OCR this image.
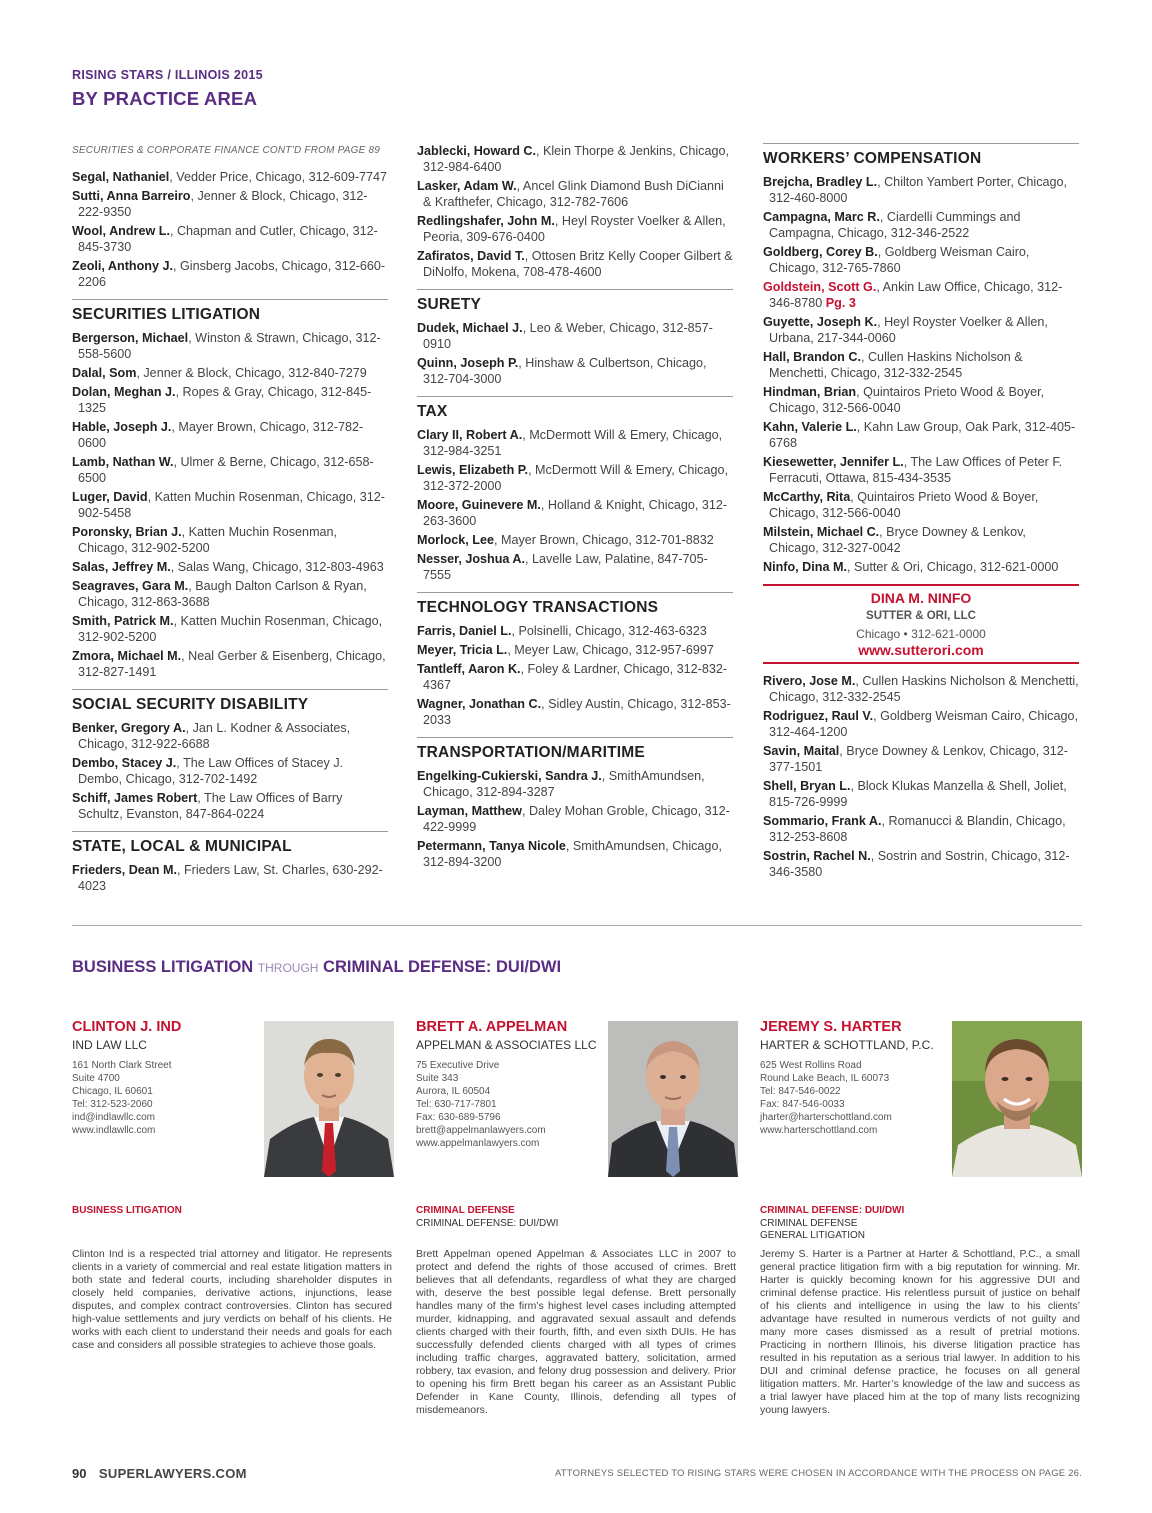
RISING STARS / ILLINOIS 2015
BY PRACTICE AREA
SECURITIES & CORPORATE FINANCE CONT’D FROM PAGE 89
Segal, Nathaniel, Vedder Price, Chicago, 312-609-7747
Sutti, Anna Barreiro, Jenner & Block, Chicago, 312-222-9350
Wool, Andrew L., Chapman and Cutler, Chicago, 312-845-3730
Zeoli, Anthony J., Ginsberg Jacobs, Chicago, 312-660-2206
SECURITIES LITIGATION
Bergerson, Michael, Winston & Strawn, Chicago, 312-558-5600
Dalal, Som, Jenner & Block, Chicago, 312-840-7279
Dolan, Meghan J., Ropes & Gray, Chicago, 312-845-1325
Hable, Joseph J., Mayer Brown, Chicago, 312-782-0600
Lamb, Nathan W., Ulmer & Berne, Chicago, 312-658-6500
Luger, David, Katten Muchin Rosenman, Chicago, 312-902-5458
Poronsky, Brian J., Katten Muchin Rosenman, Chicago, 312-902-5200
Salas, Jeffrey M., Salas Wang, Chicago, 312-803-4963
Seagraves, Gara M., Baugh Dalton Carlson & Ryan, Chicago, 312-863-3688
Smith, Patrick M., Katten Muchin Rosenman, Chicago, 312-902-5200
Zmora, Michael M., Neal Gerber & Eisenberg, Chicago, 312-827-1491
SOCIAL SECURITY DISABILITY
Benker, Gregory A., Jan L. Kodner & Associates, Chicago, 312-922-6688
Dembo, Stacey J., The Law Offices of Stacey J. Dembo, Chicago, 312-702-1492
Schiff, James Robert, The Law Offices of Barry Schultz, Evanston, 847-864-0224
STATE, LOCAL & MUNICIPAL
Frieders, Dean M., Frieders Law, St. Charles, 630-292-4023
Jablecki, Howard C., Klein Thorpe & Jenkins, Chicago, 312-984-6400
Lasker, Adam W., Ancel Glink Diamond Bush DiCianni & Krafthefer, Chicago, 312-782-7606
Redlingshafer, John M., Heyl Royster Voelker & Allen, Peoria, 309-676-0400
Zafiratos, David T., Ottosen Britz Kelly Cooper Gilbert & DiNolfo, Mokena, 708-478-4600
SURETY
Dudek, Michael J., Leo & Weber, Chicago, 312-857-0910
Quinn, Joseph P., Hinshaw & Culbertson, Chicago, 312-704-3000
TAX
Clary II, Robert A., McDermott Will & Emery, Chicago, 312-984-3251
Lewis, Elizabeth P., McDermott Will & Emery, Chicago, 312-372-2000
Moore, Guinevere M., Holland & Knight, Chicago, 312-263-3600
Morlock, Lee, Mayer Brown, Chicago, 312-701-8832
Nesser, Joshua A., Lavelle Law, Palatine, 847-705-7555
TECHNOLOGY TRANSACTIONS
Farris, Daniel L., Polsinelli, Chicago, 312-463-6323
Meyer, Tricia L., Meyer Law, Chicago, 312-957-6997
Tantleff, Aaron K., Foley & Lardner, Chicago, 312-832-4367
Wagner, Jonathan C., Sidley Austin, Chicago, 312-853-2033
TRANSPORTATION/MARITIME
Engelking-Cukierski, Sandra J., SmithAmundsen, Chicago, 312-894-3287
Layman, Matthew, Daley Mohan Groble, Chicago, 312-422-9999
Petermann, Tanya Nicole, SmithAmundsen, Chicago, 312-894-3200
WORKERS’ COMPENSATION
Brejcha, Bradley L., Chilton Yambert Porter, Chicago, 312-460-8000
Campagna, Marc R., Ciardelli Cummings and Campagna, Chicago, 312-346-2522
Goldberg, Corey B., Goldberg Weisman Cairo, Chicago, 312-765-7860
Goldstein, Scott G., Ankin Law Office, Chicago, 312-346-8780 Pg. 3
Guyette, Joseph K., Heyl Royster Voelker & Allen, Urbana, 217-344-0060
Hall, Brandon C., Cullen Haskins Nicholson & Menchetti, Chicago, 312-332-2545
Hindman, Brian, Quintairos Prieto Wood & Boyer, Chicago, 312-566-0040
Kahn, Valerie L., Kahn Law Group, Oak Park, 312-405-6768
Kiesewetter, Jennifer L., The Law Offices of Peter F. Ferracuti, Ottawa, 815-434-3535
McCarthy, Rita, Quintairos Prieto Wood & Boyer, Chicago, 312-566-0040
Milstein, Michael C., Bryce Downey & Lenkov, Chicago, 312-327-0042
Ninfo, Dina M., Sutter & Ori, Chicago, 312-621-0000
DINA M. NINFO
SUTTER & ORI, LLC
Chicago • 312-621-0000
www.sutterori.com
Rivero, Jose M., Cullen Haskins Nicholson & Menchetti, Chicago, 312-332-2545
Rodriguez, Raul V., Goldberg Weisman Cairo, Chicago, 312-464-1200
Savin, Maital, Bryce Downey & Lenkov, Chicago, 312-377-1501
Shell, Bryan L., Block Klukas Manzella & Shell, Joliet, 815-726-9999
Sommario, Frank A., Romanucci & Blandin, Chicago, 312-253-8608
Sostrin, Rachel N., Sostrin and Sostrin, Chicago, 312-346-3580
BUSINESS LITIGATION THROUGH CRIMINAL DEFENSE: DUI/DWI
CLINTON J. IND
IND LAW LLC
161 North Clark Street
Suite 4700
Chicago, IL 60601
Tel: 312-523-2060
ind@indlawllc.com
www.indlawllc.com
BUSINESS LITIGATION
Clinton Ind is a respected trial attorney and litigator. He represents clients in a variety of commercial and real estate litigation matters in both state and federal courts, including shareholder disputes in closely held companies, derivative actions, injunctions, lease disputes, and complex contract controversies. Clinton has secured high-value settlements and jury verdicts on behalf of his clients. He works with each client to understand their needs and goals for each case and considers all possible strategies to achieve those goals.
BRETT A. APPELMAN
APPELMAN & ASSOCIATES LLC
75 Executive Drive
Suite 343
Aurora, IL 60504
Tel: 630-717-7801
Fax: 630-689-5796
brett@appelmanlawyers.com
www.appelmanlawyers.com
CRIMINAL DEFENSE
CRIMINAL DEFENSE: DUI/DWI
Brett Appelman opened Appelman & Associates LLC in 2007 to protect and defend the rights of those accused of crimes. Brett believes that all defendants, regardless of what they are charged with, deserve the best possible legal defense. Brett personally handles many of the firm’s highest level cases including attempted murder, kidnapping, and aggravated sexual assault and defends clients charged with their fourth, fifth, and even sixth DUIs. He has successfully defended clients charged with all types of crimes including traffic charges, aggravated battery, solicitation, armed robbery, tax evasion, and felony drug possession and delivery. Prior to opening his firm Brett began his career as an Assistant Public Defender in Kane County, Illinois, defending all types of misdemeanors.
JEREMY S. HARTER
HARTER & SCHOTTLAND, P.C.
625 West Rollins Road
Round Lake Beach, IL 60073
Tel: 847-546-0022
Fax: 847-546-0033
jharter@harterschottland.com
www.harterschottland.com
CRIMINAL DEFENSE: DUI/DWI
CRIMINAL DEFENSE
GENERAL LITIGATION
Jeremy S. Harter is a Partner at Harter & Schottland, P.C., a small general practice litigation firm with a big reputation for winning. Mr. Harter is quickly becoming known for his aggressive DUI and criminal defense practice. His relentless pursuit of justice on behalf of his clients and intelligence in using the law to his clients’ advantage have resulted in numerous verdicts of not guilty and many more cases dismissed as a result of pretrial motions. Practicing in northern Illinois, his diverse litigation practice has resulted in his reputation as a serious trial lawyer. In addition to his DUI and criminal defense practice, he focuses on all general litigation matters. Mr. Harter’s knowledge of the law and success as a trial lawyer have placed him at the top of many lists recognizing young lawyers.
90 SUPERLAWYERS.COM	ATTORNEYS SELECTED TO RISING STARS WERE CHOSEN IN ACCORDANCE WITH THE PROCESS ON PAGE 26.
